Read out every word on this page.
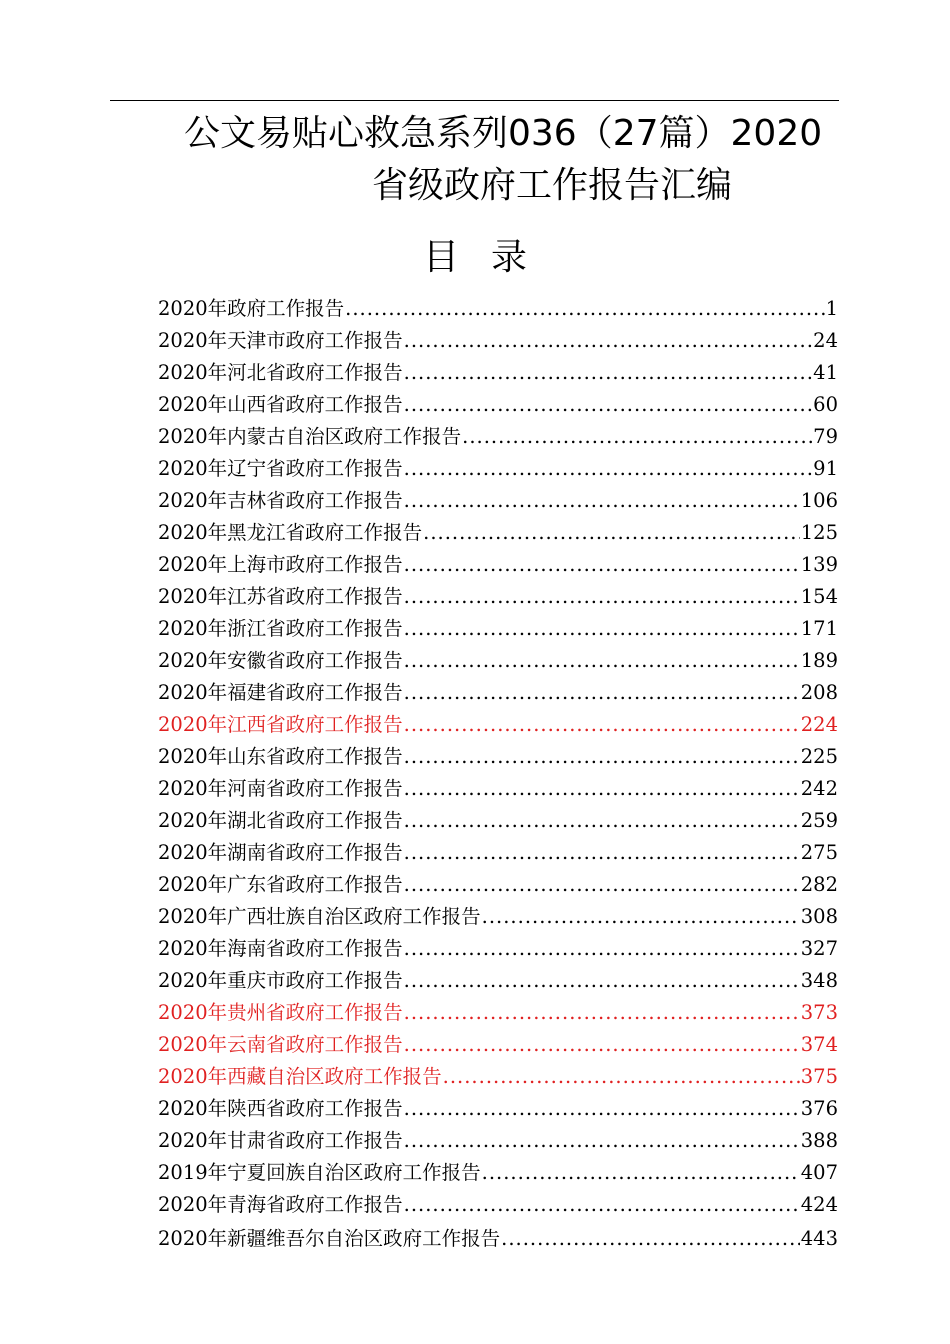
公文易贴心救急系列036（27篇）2020
省级政府工作报告汇编
目 录
2020年政府工作报告 .....	1
2020年天津市政府工作报告 .....	24
2020年河北省政府工作报告 .....	41
2020年山西省政府工作报告 .....	60
2020年内蒙古自治区政府工作报告 .....	79
2020年辽宁省政府工作报告 .....	91
2020年吉林省政府工作报告 .....	106
2020年黑龙江省政府工作报告 .....	125
2020年上海市政府工作报告 .....	139
2020年江苏省政府工作报告 .....	154
2020年浙江省政府工作报告 .....	171
2020年安徽省政府工作报告 .....	189
2020年福建省政府工作报告 .....	208
2020年江西省政府工作报告 .....	224
2020年山东省政府工作报告 .....	225
2020年河南省政府工作报告 .....	242
2020年湖北省政府工作报告 .....	259
2020年湖南省政府工作报告 .....	275
2020年广东省政府工作报告 .....	282
2020年广西壮族自治区政府工作报告 .....	308
2020年海南省政府工作报告 .....	327
2020年重庆市政府工作报告 .....	348
2020年贵州省政府工作报告 .....	373
2020年云南省政府工作报告 .....	374
2020年西藏自治区政府工作报告 .....	375
2020年陕西省政府工作报告 .....	376
2020年甘肃省政府工作报告 .....	388
2019年宁夏回族自治区政府工作报告 .....	407
2020年青海省政府工作报告 .....	424
2020年新疆维吾尔自治区政府工作报告 .....	443
